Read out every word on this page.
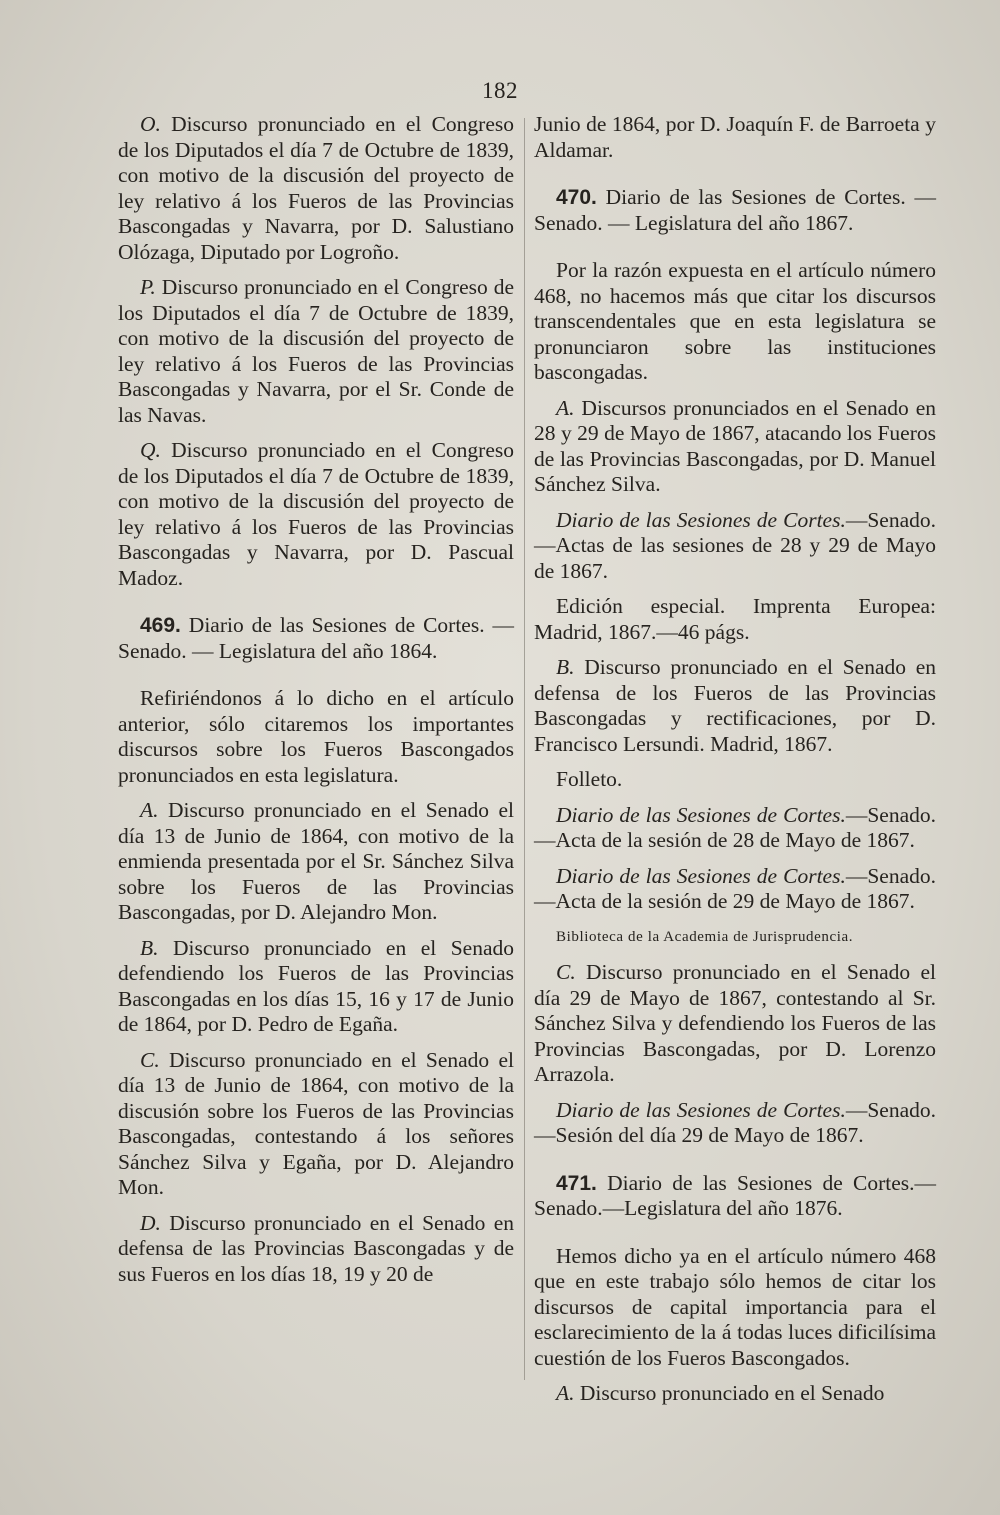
182

O. Discurso pronunciado en el Congreso de los Diputados el día 7 de Octubre de 1839, con motivo de la discusión del proyecto de ley relativo á los Fueros de las Provincias Bascongadas y Navarra, por D. Salustiano Olózaga, Diputado por Logroño.

P. Discurso pronunciado en el Congreso de los Diputados el día 7 de Octubre de 1839, con motivo de la discusión del proyecto de ley relativo á los Fueros de las Provincias Bascongadas y Navarra, por el Sr. Conde de las Navas.

Q. Discurso pronunciado en el Congreso de los Diputados el día 7 de Octubre de 1839, con motivo de la discusión del proyecto de ley relativo á los Fueros de las Provincias Bascongadas y Navarra, por D. Pascual Madoz.

469. Diario de las Sesiones de Cortes. — Senado. — Legislatura del año 1864.

Refiriéndonos á lo dicho en el artículo anterior, sólo citaremos los importantes discursos sobre los Fueros Bascongados pronunciados en esta legislatura.

A. Discurso pronunciado en el Senado el día 13 de Junio de 1864, con motivo de la enmienda presentada por el Sr. Sánchez Silva sobre los Fueros de las Provincias Bascongadas, por D. Alejandro Mon.

B. Discurso pronunciado en el Senado defendiendo los Fueros de las Provincias Bascongadas en los días 15, 16 y 17 de Junio de 1864, por D. Pedro de Egaña.

C. Discurso pronunciado en el Senado el día 13 de Junio de 1864, con motivo de la discusión sobre los Fueros de las Provincias Bascongadas, contestando á los señores Sánchez Silva y Egaña, por D. Alejandro Mon.

D. Discurso pronunciado en el Senado en defensa de las Provincias Bascongadas y de sus Fueros en los días 18, 19 y 20 de

Junio de 1864, por D. Joaquín F. de Barroeta y Aldamar.

470. Diario de las Sesiones de Cortes. — Senado. — Legislatura del año 1867.

Por la razón expuesta en el artículo número 468, no hacemos más que citar los discursos transcendentales que en esta legislatura se pronunciaron sobre las instituciones bascongadas.

A. Discursos pronunciados en el Senado en 28 y 29 de Mayo de 1867, atacando los Fueros de las Provincias Bascongadas, por D. Manuel Sánchez Silva.

Diario de las Sesiones de Cortes.—Senado. —Actas de las sesiones de 28 y 29 de Mayo de 1867.

Edición especial. Imprenta Europea: Madrid, 1867.—46 págs.

B. Discurso pronunciado en el Senado en defensa de los Fueros de las Provincias Bascongadas y rectificaciones, por D. Francisco Lersundi. Madrid, 1867.

Folleto.

Diario de las Sesiones de Cortes.—Senado. —Acta de la sesión de 28 de Mayo de 1867.

Diario de las Sesiones de Cortes.—Senado. —Acta de la sesión de 29 de Mayo de 1867.

Biblioteca de la Academia de Jurisprudencia.

C. Discurso pronunciado en el Senado el día 29 de Mayo de 1867, contestando al Sr. Sánchez Silva y defendiendo los Fueros de las Provincias Bascongadas, por D. Lorenzo Arrazola.

Diario de las Sesiones de Cortes.—Senado. —Sesión del día 29 de Mayo de 1867.

471. Diario de las Sesiones de Cortes.—Senado.—Legislatura del año 1876.

Hemos dicho ya en el artículo número 468 que en este trabajo sólo hemos de citar los discursos de capital importancia para el esclarecimiento de la á todas luces dificilísima cuestión de los Fueros Bascongados.

A. Discurso pronunciado en el Senado
